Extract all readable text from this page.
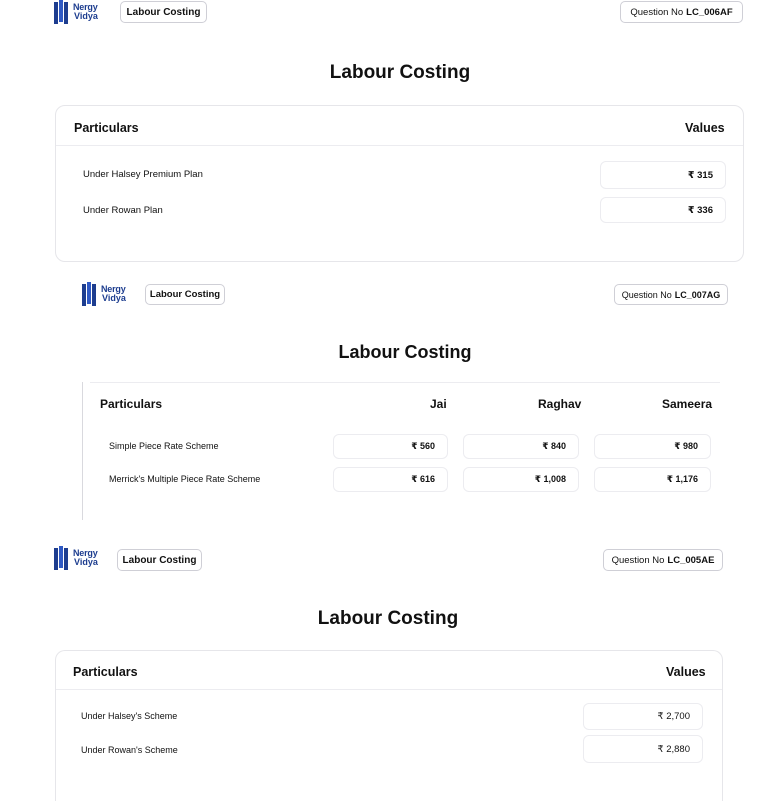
Nergy
Vidya	Labour Costing	Question No LC_006AF
Labour Costing
Particulars	Values
Under Halsey Premium Plan	₹ 315
Under Rowan Plan	₹ 336
Nergy
Vidya	Labour Costing	Question No LC_007AG
Labour Costing
Particulars	Jai	Raghav	Sameera
Simple Piece Rate Scheme	₹ 560	₹ 840	₹ 980
Merrick's Multiple Piece Rate Scheme	₹ 616	₹ 1,008	₹ 1,176
Nergy
Vidya	Labour Costing	Question No LC_005AE
Labour Costing
Particulars	Values
Under Halsey's Scheme	₹ 2,700
Under Rowan's Scheme	₹ 2,880
